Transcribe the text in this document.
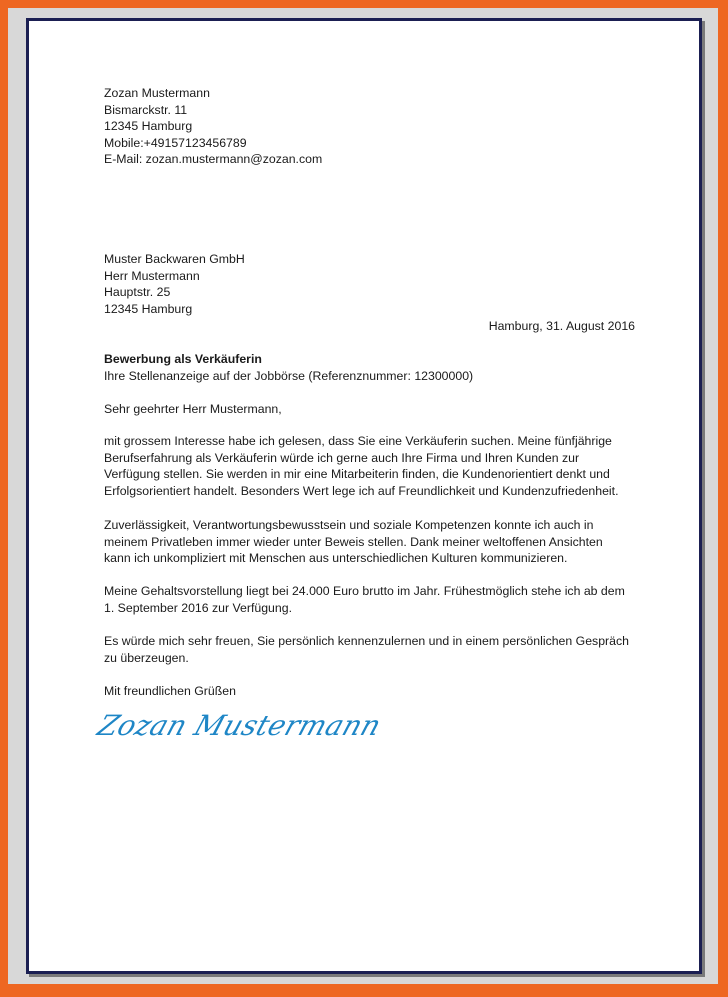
Zozan Mustermann
Bismarckstr. 11
12345 Hamburg
Mobile:+49157123456789
E-Mail: zozan.mustermann@zozan.com
Muster Backwaren GmbH
Herr Mustermann
Hauptstr. 25
12345 Hamburg
Hamburg, 31. August 2016
Bewerbung als Verkäuferin
Ihre Stellenanzeige auf der Jobbörse (Referenznummer: 12300000)
Sehr geehrter Herr Mustermann,
mit grossem Interesse habe ich gelesen, dass Sie eine Verkäuferin suchen. Meine fünfjährige
Berufserfahrung als Verkäuferin würde ich gerne auch Ihre Firma und Ihren Kunden zur
Verfügung stellen. Sie werden in mir eine Mitarbeiterin finden, die Kundenorientiert denkt und
Erfolgsorientiert handelt. Besonders Wert lege ich auf Freundlichkeit und Kundenzufriedenheit.
Zuverlässigkeit, Verantwortungsbewusstsein und soziale Kompetenzen konnte ich auch in
meinem Privatleben immer wieder unter Beweis stellen. Dank meiner weltoffenen Ansichten
kann ich unkompliziert mit Menschen aus unterschiedlichen Kulturen kommunizieren.
Meine Gehaltsvorstellung liegt bei 24.000 Euro brutto im Jahr. Frühestmöglich stehe ich ab dem
1. September 2016 zur Verfügung.
Es würde mich sehr freuen, Sie persönlich kennenzulernen und in einem persönlichen Gespräch
zu überzeugen.
Mit freundlichen Grüßen
Zozan Mustermann
